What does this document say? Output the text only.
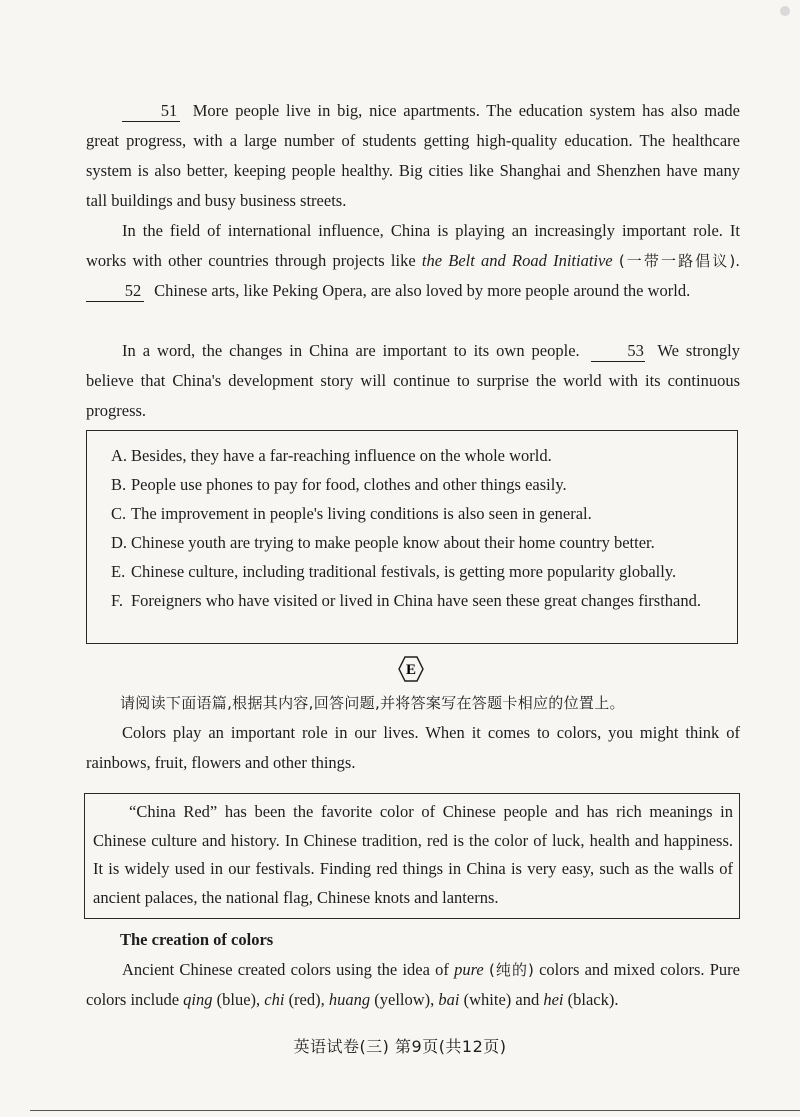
51 More people live in big, nice apartments. The education system has also made great progress, with a large number of students getting high-quality education. The healthcare system is also better, keeping people healthy. Big cities like Shanghai and Shenzhen have many tall buildings and busy business streets.
In the field of international influence, China is playing an increasingly important role. It works with other countries through projects like the Belt and Road Initiative (一带一路倡议). 52 Chinese arts, like Peking Opera, are also loved by more people around the world.
In a word, the changes in China are important to its own people.	53 We strongly believe that China's development story will continue to surprise the world with its continuous progress.
A. Besides, they have a far-reaching influence on the whole world.
B. People use phones to pay for food, clothes and other things easily.
C. The improvement in people's living conditions is also seen in general.
D. Chinese youth are trying to make people know about their home country better.
E. Chinese culture, including traditional festivals, is getting more popularity globally.
F. Foreigners who have visited or lived in China have seen these great changes firsthand.
E
请阅读下面语篇,根据其内容,回答问题,并将答案写在答题卡相应的位置上。
Colors play an important role in our lives. When it comes to colors, you might think of rainbows, fruit, flowers and other things.
“China Red” has been the favorite color of Chinese people and has rich meanings in Chinese culture and history. In Chinese tradition, red is the color of luck, health and happiness. It is widely used in our festivals. Finding red things in China is very easy, such as the walls of ancient palaces, the national flag, Chinese knots and lanterns.
The creation of colors
Ancient Chinese created colors using the idea of pure (纯的) colors and mixed colors. Pure colors include qing (blue), chi (red), huang (yellow), bai (white) and hei (black).
英语试卷(三) 第9页(共12页)
